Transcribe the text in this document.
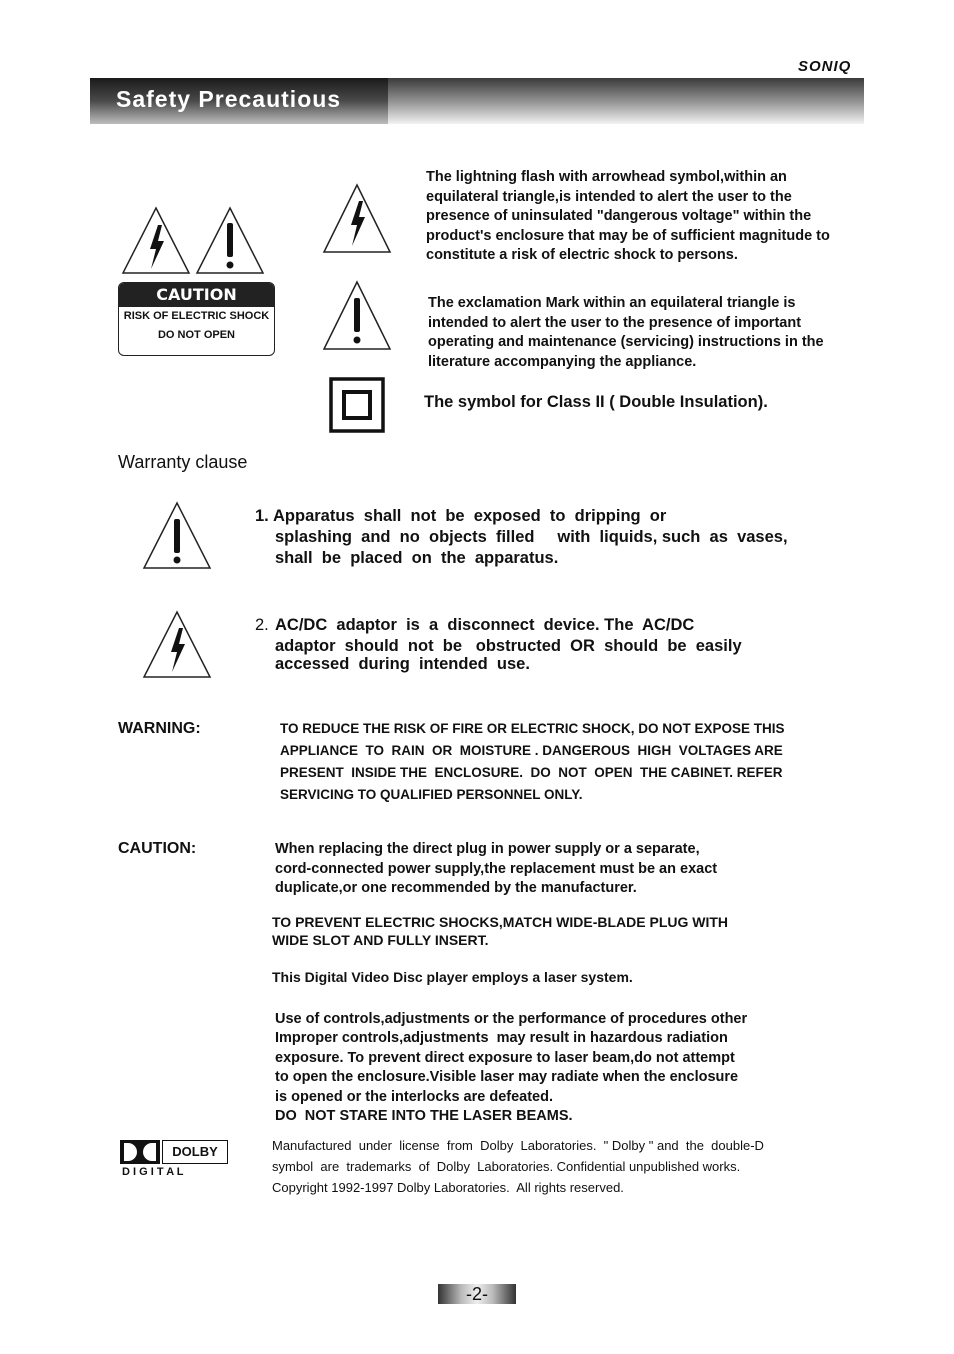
SONIQ
Safety Precautious
CAUTION
RISK OF ELECTRIC SHOCK
DO NOT OPEN
The lightning flash with arrowhead symbol,within an equilateral triangle,is intended to alert the user to the presence of uninsulated "dangerous voltage" within the product's enclosure that may be of sufficient magnitude to constitute a risk of electric shock to persons.
The exclamation Mark within an equilateral triangle is intended to alert the user to the presence of important operating and maintenance (servicing) instructions in the literature accompanying the appliance.
The symbol for Class II ( Double Insulation).
Warranty clause
1. Apparatus  shall  not  be  exposed  to  dripping  or
splashing  and  no  objects  filled     with  liquids, such  as  vases,
shall  be  placed  on  the  apparatus.
2. AC/DC  adaptor  is  a  disconnect  device. The  AC/DC
adaptor  should  not  be   obstructed  OR  should  be  easily
accessed  during  intended  use.
WARNING:	TO REDUCE THE RISK OF FIRE OR ELECTRIC SHOCK, DO NOT EXPOSE THIS
APPLIANCE  TO  RAIN  OR  MOISTURE . DANGEROUS  HIGH  VOLTAGES ARE
PRESENT  INSIDE THE  ENCLOSURE.  DO  NOT  OPEN  THE CABINET. REFER
SERVICING TO QUALIFIED PERSONNEL ONLY.
CAUTION:	When replacing the direct plug in power supply or a separate,
cord-connected power supply,the replacement must be an exact
duplicate,or one recommended by the manufacturer.
TO PREVENT ELECTRIC SHOCKS,MATCH WIDE-BLADE PLUG WITH
WIDE SLOT AND FULLY INSERT.
This Digital Video Disc player employs a laser system.
Use of controls,adjustments or the performance of procedures other
Improper controls,adjustments  may result in hazardous radiation
exposure. To prevent direct exposure to laser beam,do not attempt
to open the enclosure.Visible laser may radiate when the enclosure
is opened or the interlocks are defeated.
DO  NOT STARE INTO THE LASER BEAMS.
DOLBY
D I G I T A L
Manufactured  under  license  from  Dolby  Laboratories.  " Dolby " and  the  double-D
symbol  are  trademarks  of  Dolby  Laboratories. Confidential unpublished works.
Copyright 1992-1997 Dolby Laboratories.  All rights reserved.
-2-
